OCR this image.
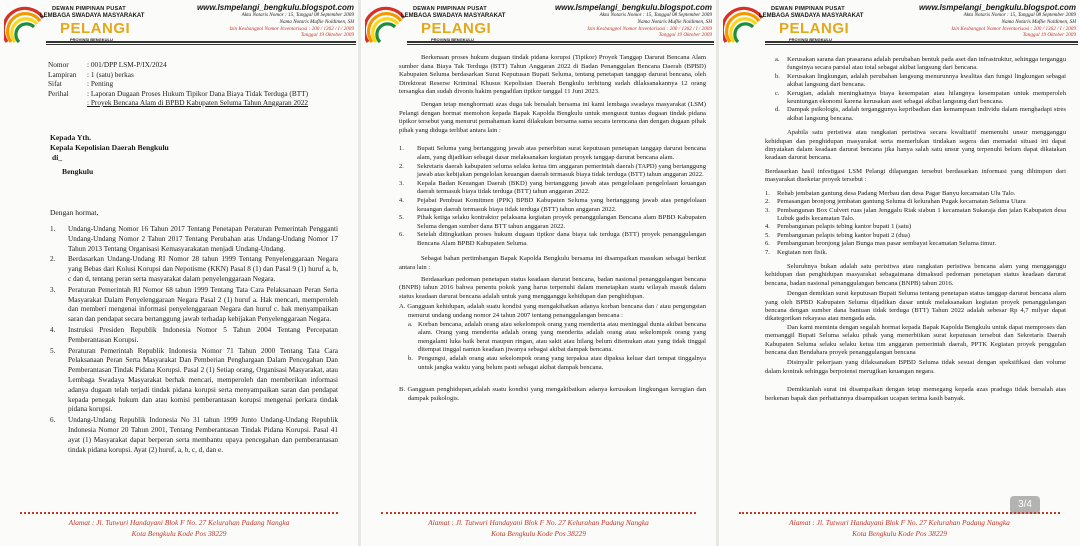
DEWAN PIMPINAN PUSAT
LEMBAGA SWADAYA MASYARAKAT
PELANGI
PROVINSI BENGKULU
www.lsmpelangi_bengkulu.blogspot.com
Akta Notaris Nomor : 15, Tanggal 08 September 2009
Nama Notaris Muflie Noldimen, SH
Izin Kesbangpol Nomor Inventarisasi : 200 / 1362 / I / 2009
Tanggal 19 Oktober 2009
Nomor	: 001/DPP LSM-P/IX/2024
Lampiran : 1 (satu) berkas
Sifat	: Penting
Perihal	: Laporan Dugaan Proses Hukum Tipikor Dana Biaya Tidak Terduga (BTT)
: Proyek Bencana Alam di BPBD Kabupaten Seluma Tahun Anggaran 2022
Kepada Yth.
Kepala Kepolisian Daerah Bengkulu
di_
Bengkulu
Dengan hormat,
1.	Undang-Undang Nomor 16 Tahun 2017 Tentang Penetapan Peraturan Pemerintah Pengganti Undang-Undang Nomor 2 Tahun 2017 Tentang Perubahan atas Undang-Undang Nomor 17 Tahun 2013 Tentang Organisasi Kemasyarakatan menjadi Undang-Undang.
2.	Berdasarkan Undang-Undang RI Nomor 28 tahun 1999 Tentang Penyelenggaraan Negara yang Bebas dari Kolusi Korupsi dan Nepotisme (KKN) Pasal 8 (1) dan Pasal 9 (1) huruf a, b, c dan d, tentang peran serta masyarakat dalam penyelenggaraan Negara.
3.	Peraturan Pemerintah RI Nomor 68 tahun 1999 Tentang Tata Cara Pelaksanaan Peran Serta Masyarakat Dalam Penyelenggaraan Negara Pasal 2 (1) huruf a. Hak mencari, memperoleh dan memberi mengenai informasi penyelenggaraan Negara dan huruf c. hak menyampaikan saran dan pendapat secara bertanggung jawab terhadap kebijakan Penyelenggaraan Negara.
4.	Instruksi Presiden Republik Indonesia Nomor 5 Tahun 2004 Tentang Percepatan Pemberantasan Korupsi.
5.	Peraturan Pemerintah Republik Indonesia Nomor 71 Tahun 2000 Tentang Tata Cara Pelaksanaan Peran Serta Masyarakat Dan Pemberian Penghargaan Dalam Pencegahan Dan Pemberantasan Tindak Pidana Korupsi. Pasal 2 (1) Setiap orang, Organisasi Masyarakat, atau Lembaga Swadaya Masyarakat berhak mencari, memperoleh dan memberikan informasi adanya dugaan telah terjadi tindak pidana korupsi serta menyampaikan saran dan pendapat kepada penegak hukum dan atau komisi pemberantasan korupsi mengenai perkara tindak pidana korupsi.
6.	Undang-Undang Republik Indonesia No 31 tahun 1999 Junto Undang-Undang Republik Indonesia Nomor 20 Tahun 2001, Tentang Pemberantasan Tindak Pidana Korupsi. Pasal 41 ayat (1) Masyarakat dapat berperan serta membantu upaya pencegahan dan pemberantasan tindak pidana korupsi. Ayat (2) huruf, a, b, c, d, dan e.
Alamat : Jl. Tutwuri Handayani Blok F No. 27 Kelurahan Padang Nangka
Kota Bengkulu Kode Pos 38229
DEWAN PIMPINAN PUSAT
LEMBAGA SWADAYA MASYARAKAT
PELANGI
PROVINSI BENGKULU
www.lsmpelangi_bengkulu.blogspot.com
Akta Notaris Nomor : 15, Tanggal 08 September 2009
Nama Notaris Muflie Noldimen, SH
Izin Kesbangpol Nomor Inventarisasi : 200 / 1362 / I / 2009
Tanggal 19 Oktober 2009

Berkenaan proses hukum dugaan tindak pidana korupsi (Tipikor) Proyek Tanggap Darurat Bencana Alam sumber dana Biaya Tak Terduga (BTT) Tahun Anggaran 2022 di Badan Penanggulan Bencana Daerah (BPBD) Kabupaten Seluma berdasarkan Surat Keputusan Bupati Seluma, tentang penetapan tanggap darurat bencana, oleh Direktorat Reserse Kriminal Khusus Kepolisian Daerah Bengkulu terhitung sudah dilaksanakannya 12 orang tersangka dan sudah divonis hakim pengadilan tipikor tanggal 11 Juni 2023.

Dengan tetap menghormati azas duga tak bersalah bersama ini kami lembaga swadaya masyarakat (LSM) Pelangi dengan hormat memohon kepada Bapak Kapolda Bengkulu untuk mengusut tuntas dugaan tindak pidana tipikor tersebut yang menurut pemahaman kami dilakukan bersama sama secara terencana dan dengan dugaan pihak pihak yang diduga terlibat antara lain :

1.	Bupati Seluma yang bertanggung jawab atas penerbitan surat keputusan penetapan tanggap darurat bencana alam, yang dijadikan sebagai dasar melaksanakan kegiatan proyek tanggap darurat bencana alam.
2.	Sekretaris daerah kabupaten seluma selaku ketua tim anggaran pemerintah daerah (TAPD) yang bertanggung jawab atas kebijakan pengelolan keuangan daerah termasuk biaya tidak terduga (BTT) tahun anggaran 2022.
3.	Kepala Badan Keuangan Daerah (BKD) yang bertanggung jawab atas pengelolaan pengelolaan keuangan daerah termasuk biaya tidak terduga (BTT) tahun anggaran 2022.
4.	Pejabat Pembuat Komitmen (PPK) BPBD Kabupaten Seluma yang bertanggung jawab atas pengelolaan keuangan daerah termasuk biaya tidak terduga (BTT) tahun anggaran 2022.
5.	Pihak ketiga selaku kontraktor pelaksana kegiatan proyek penanggulangan Bencana alam BPBD Kabupaten Seluma dengan sumber dana BTT tahun anggaran 2022.
6.	Setelah ditingkatkan proses hukum dugaan tipikor dana biaya tak terduga (BTT) proyek penanggulangan Bencana Alam BPBD Kabupaten Seluma.

Sebagai bahan pertimbangan Bapak Kapolda Bengkulu bersama ini disampaikan masukan sebagai berikut antara lain :

Berdasarkan pedoman penetapan status keadaan darurat bencana, badan nasional penanggulangan bencana (BNPB) tahun 2016 bahwa penentu pokok yang harus terpenuhi dalam menetapkan suatu wilayah masuk dalam status keadaan darurat bencana adalah untuk yang mengganggu kehidupan dan penghidupan.

A. Gangguan kehidupan, adalah suatu kondisi yang mengakibatkan adanya korban bencana dan / atau pengungsian menurut undang undang nomor 24 tahun 2007 tentang penanggulangan bencana :

a. Korban bencana, adalah orang atau sekelompok orang yang menderita atau meninggal dunia akibat bencana alam. Orang yang menderita adalah orang yang menderita adalah orang atau sekelompok orang yang mengalami luka baik berat maupun ringan, atau sakit atau hilang belum ditemukan atau yang tidak tinggal ditempat tinggal namun keadaan jiwanya sebagai akibat dampak bencana.
b. Pengungsi, adalah orang atau sekelompok orang yang terpaksa atau dipaksa keluar dari tempat tinggalnya untuk jangka waktu yang belum pasti sebagai akibat dampak bencana.

B. Gangguan penghidupan,adalah suatu kondisi yang mengakibatkan adanya kerusakan lingkungan kerugian dan dampak psikologis.

Alamat : Jl. Tutwuri Handayani Blok F No. 27 Kelurahan Padang Nangka
Kota Bengkulu Kode Pos 38229
DEWAN PIMPINAN PUSAT
LEMBAGA SWADAYA MASYARAKAT
PELANGI
PROVINSI BENGKULU
www.lsmpelangi_bengkulu.blogspot.com
Akta Notaris Nomor : 15, Tanggal 08 September 2009
Nama Notaris Muflie Noldimen, SH
Izin Kesbangpol Nomor Inventarisasi : 200 / 1362 / I / 2009
Tanggal 19 Oktober 2009
a.	Kerusakan sarana dan prasarana adalah perubahan bentuk pada aset dan infrastruktur, sehingga terganggu fungsinya secara parsial atau total sebagai akibat langsung dari bencana.
b.	Kerusakan lingkungan, adalah perubahan langsung menurunnya kwalitas dan fungsi lingkungan sebagai akibat langsung dari bencana.
c.	Kerugian, adalah meningkatnya biaya kesempatan atau hilangnya kesempatan untuk memperoleh keuntungan ekonomi karena kerusakan aset sebagai akibat langsung dari bencana.
d.	Dampak psikologis, adalah terganggunya kepribadian dan kemampuan individu dalam menghadapi stres akibat langsung bencana.

Apabila satu peristiwa atau rangkaian peristiwa secara kwalitatif memenuhi unsur mengganggu kehidupan dan penghidupan masyarakat serta memerlukan tindakan segera dan memadai situasi ini dapat dinyatakan dalam keadaan darurat bencana jika hanya salah satu unsur yang terpenuhi belum dapat dikatakan keadaan darurat bencana.

Berdasarkan hasil infestigasi LSM Pelangi dilapangan tersebut berdasarkan informasi yang dihimpun dari masyarakat diseketar proyek tersebut :

1.	Rehab jembatan gantung desa Padang Merbau dan desa Pagar Banyu kecamatan Ulu Talo.
2.	Pemasangan bronjong jembatan gantung Seluma di kelurahan Pugak kecamatan Seluma Utara
3.	Pembangunan Box Culvert ruas jalan Jenggalu Riak siabun 1 kecamatan Sukaraja dan jalan Kabupaten desa Lubuk gadis kecamatan Talo.
4.	Pembangunan pelapis tebing kantor bupati 1 (satu)
5.	Pembangunan pelapis tebing kantor bupati 2 (dua)
6.	Pembangunan bronjong jalan Bunga mas pasar sembayat kecamatan Seluma timur.
7.	Kegiatan non fisik.

Seluruhnya bukan adalah satu peristiwa atau rangkaian peristiwa bencana alam yang mengganggu kehidupan dan penghidupan masyarakat sebagaimana dimaksud pedoman penetapan status keadaan darurat bencana, badan nasional penanggulangan bencana (BNPB) tahun 2016.

Dengan demikian surat keputusan Bupati Seluma tentang penetapan status tanggap darurat bencana alam yang oleh BPBD Kabupaten Seluma dijadikan dasar untuk melaksanakan kegiatan proyek penanggulangan bencana dengan sumber dana bantuan tidak terduga (BTT) Tahun 2022 adalah sebesar Rp 4,7 milyar dapat dikategorikan rekayasa atau mengada ada.

Dan kami meminta dengan segalah hormat kepada Bapak Kapolda Bengkulu untuk dapat memproses dan memanggil Bupati Seluma selaku pihak yang menerbitkan surat keputusan tersebut dan Sekretaris Daerah Kabupaten Seluma selaku selaku ketua tim anggaran pemerintah daerah, PPTK Kegiatan proyek penggulan bencana dan Bendahara proyek penanggulangan bencana

Disinyalir pekerjaan yang dilaksanakan BPBD Seluma tidak sesuai dengan speksifikasi dan volume dalam kontrak sehingga berpotensi merugikan keuangan negara.

Demikianlah surat ini disampaikan dengan tetap memegang kepada azas praduga tidak bersalah atas berkenan bapak dan perhatiannya disampaikan ucapan terima kasih banyak.

3/4
Alamat : Jl. Tutwuri Handayani Blok F No. 27 Kelurahan Padang Nangka
Kota Bengkulu Kode Pos 38229
